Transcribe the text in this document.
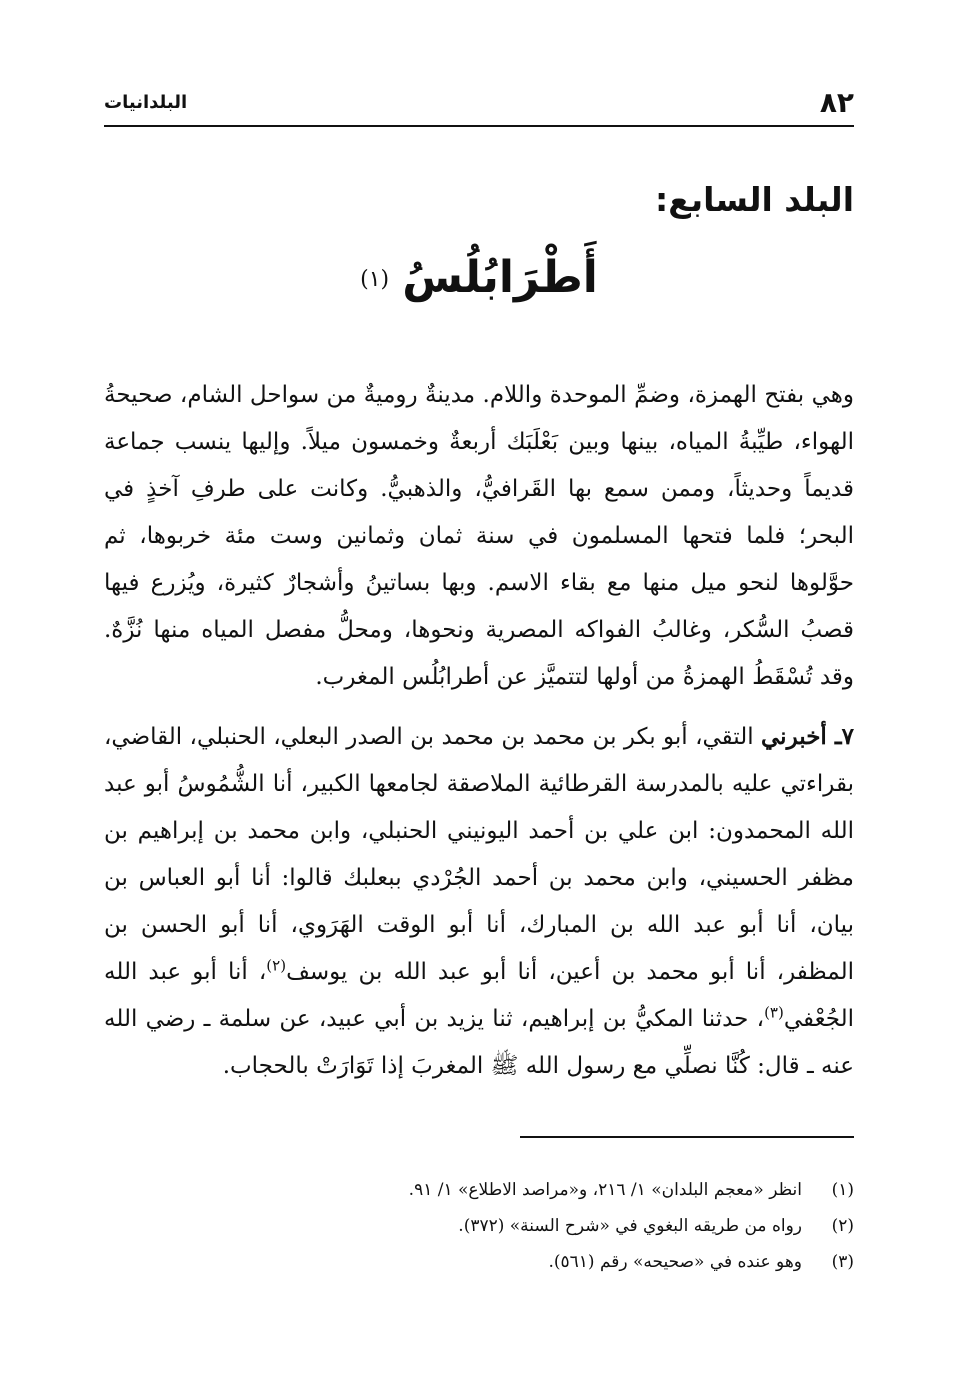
٨٢
البلدانيات
البلد السابع:
أَطْرَابُلُسُ (١)

وهي بفتح الهمزة، وضمِّ الموحدة واللام. مدينةٌ روميةٌ من سواحل الشام، صحيحةُ الهواء، طيِّبةُ المياه، بينها وبين بَعْلَبَك أربعةٌ وخمسون ميلاً. وإليها ينسب جماعة قديماً وحديثاً، وممن سمع بها القَرافيُّ، والذهبيُّ. وكانت على طرفِ آخذٍ في البحر؛ فلما فتحها المسلمون في سنة ثمان وثمانين وست مئة خربوها، ثم حوَّلوها لنحو ميل منها مع بقاء الاسم. وبها بساتينُ وأشجارٌ كثيرة، ويُزرع فيها قصبُ السُّكر، وغالبُ الفواكه المصرية ونحوها، ومحلُّ مفصل المياه منها نُزَّهٌ. وقد تُسْقَطُ الهمزةُ من أولها لتتميَّز عن أطرابُلُس المغرب.

٧ـ أخبرني التقي، أبو بكر بن محمد بن محمد بن الصدر البعلي، الحنبلي، القاضي، بقراءتي عليه بالمدرسة القرطائية الملاصقة لجامعها الكبير، أنا الشُّمُوسُ أبو عبد الله المحمدون: ابن علي بن أحمد اليونيني الحنبلي، وابن محمد بن إبراهيم بن مظفر الحسيني، وابن محمد بن أحمد الجُرْدي ببعلبك قالوا: أنا أبو العباس بن بيان، أنا أبو عبد الله بن المبارك، أنا أبو الوقت الهَرَوي، أنا أبو الحسن بن المظفر، أنا أبو محمد بن أعين، أنا أبو عبد الله بن يوسف$^{(٢)}$، أنا أبو عبد الله الجُعْفي$^{(٣)}$، حدثنا المكيُّ بن إبراهيم، ثنا يزيد بن أبي عبيد، عن سلمة ـ رضي الله عنه ـ قال: كُنَّا نصلِّي مع رسول الله ﷺ المغربَ إذا تَوَارَتْ بالحجاب.

(١)
انظر «معجم البلدان» ١/ ٢١٦، و«مراصد الاطلاع» ١/ ٩١.
(٢)
رواه من طريقه البغوي في «شرح السنة» (٣٧٢).
(٣)
وهو عنده في «صحيحه» رقم (٥٦١).
